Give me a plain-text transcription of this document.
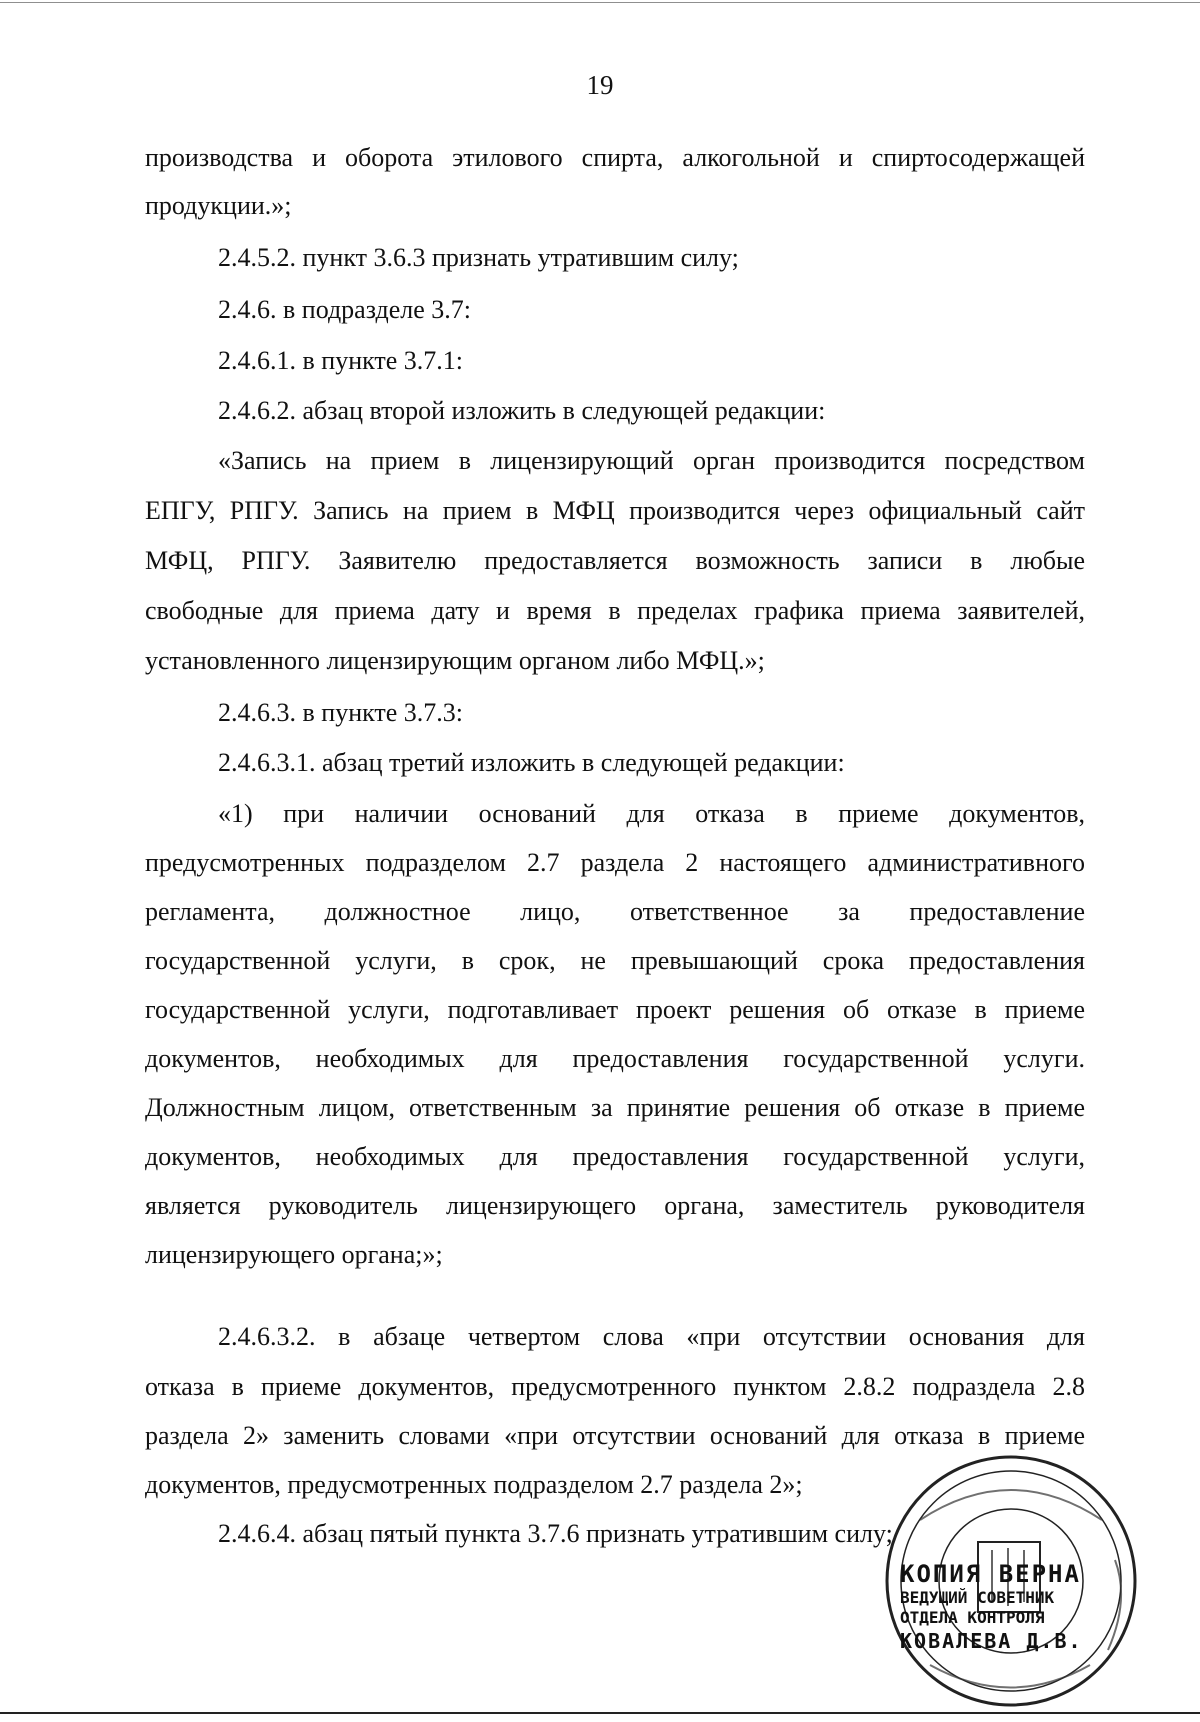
19
производства и оборота этилового спирта, алкогольной и спиртосодержащей
продукции.»;
2.4.5.2. пункт 3.6.3 признать утратившим силу;
2.4.6. в подразделе 3.7:
2.4.6.1. в пункте 3.7.1:
2.4.6.2. абзац второй изложить в следующей редакции:
«Запись на прием в лицензирующий орган производится посредством
ЕПГУ, РПГУ. Запись на прием в МФЦ производится через официальный сайт
МФЦ, РПГУ. Заявителю предоставляется возможность записи в любые
свободные для приема дату и время в пределах графика приема заявителей,
установленного лицензирующим органом либо МФЦ.»;
2.4.6.3. в пункте 3.7.3:
2.4.6.3.1. абзац третий изложить в следующей редакции:
«1) при наличии оснований для отказа в приеме документов,
предусмотренных подразделом 2.7 раздела 2 настоящего административного
регламента, должностное лицо, ответственное за предоставление
государственной услуги, в срок, не превышающий срока предоставления
государственной услуги, подготавливает проект решения об отказе в приеме
документов, необходимых для предоставления государственной услуги.
Должностным лицом, ответственным за принятие решения об отказе в приеме
документов, необходимых для предоставления государственной услуги,
является руководитель лицензирующего органа, заместитель руководителя
лицензирующего органа;»;
2.4.6.3.2. в абзаце четвертом слова «при отсутствии основания для
отказа в приеме документов, предусмотренного пунктом 2.8.2 подраздела 2.8
раздела 2» заменить словами «при отсутствии оснований для отказа в приеме
документов, предусмотренных подразделом 2.7 раздела 2»;
2.4.6.4. абзац пятый пункта 3.7.6 признать утратившим силу;
КОПИЯ ВЕРНА
ВЕДУЩИЙ СОВЕТНИК
ОТДЕЛА КОНТРОЛЯ
КОВАЛЕВА Д.В.
